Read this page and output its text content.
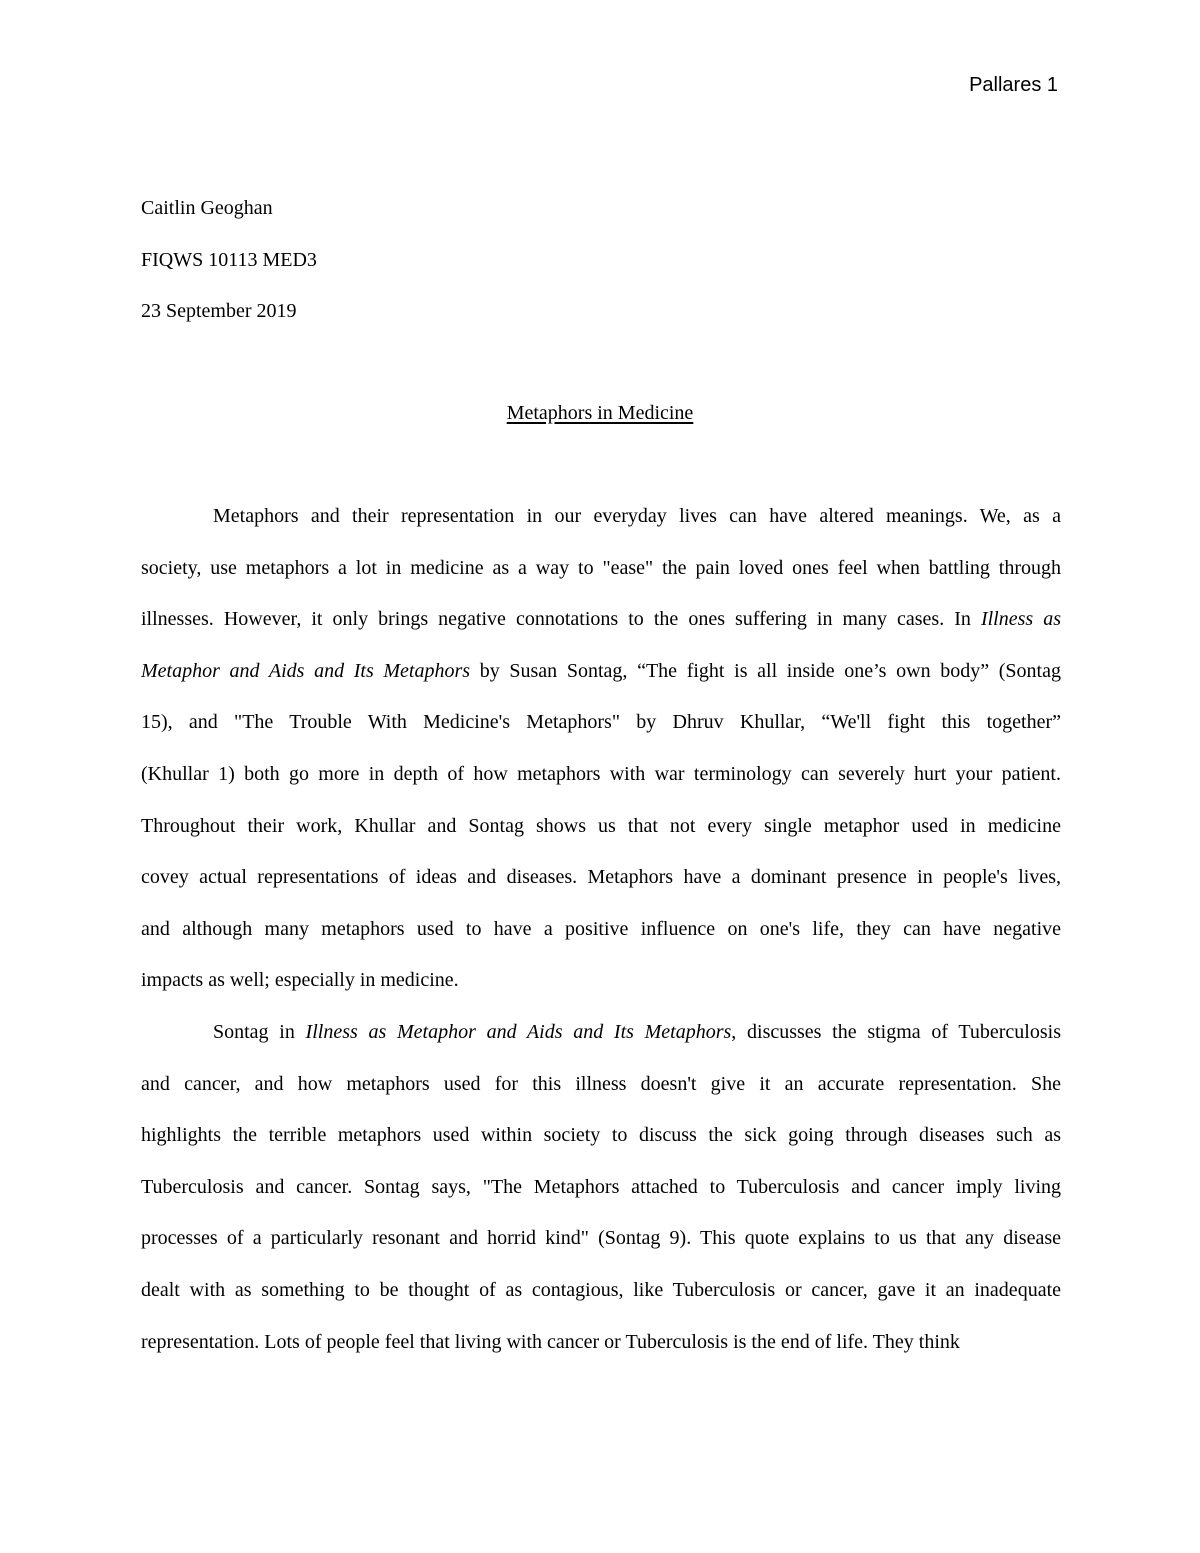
Pallares 1
Caitlin Geoghan
FIQWS 10113 MED3
23 September 2019
Metaphors in Medicine
Metaphors and their representation in our everyday lives can have altered meanings. We, as a
society, use metaphors a lot in medicine as a way to "ease" the pain loved ones feel when battling through
illnesses. However, it only brings negative connotations to the ones suffering in many cases. In Illness as
Metaphor and Aids and Its Metaphors by Susan Sontag, “The fight is all inside one’s own body” (Sontag
15), and "The Trouble With Medicine's Metaphors" by Dhruv Khullar, “We'll fight this together”
(Khullar 1) both go more in depth of how metaphors with war terminology can severely hurt your patient.
Throughout their work, Khullar and Sontag shows us that not every single metaphor used in medicine
covey actual representations of ideas and diseases. Metaphors have a dominant presence in people's lives,
and although many metaphors used to have a positive influence on one's life, they can have negative
impacts as well; especially in medicine.
Sontag in Illness as Metaphor and Aids and Its Metaphors, discusses the stigma of Tuberculosis
and cancer, and how metaphors used for this illness doesn't give it an accurate representation. She
highlights the terrible metaphors used within society to discuss the sick going through diseases such as
Tuberculosis and cancer. Sontag says, "The Metaphors attached to Tuberculosis and cancer imply living
processes of a particularly resonant and horrid kind" (Sontag 9). This quote explains to us that any disease
dealt with as something to be thought of as contagious, like Tuberculosis or cancer, gave it an inadequate
representation. Lots of people feel that living with cancer or Tuberculosis is the end of life. They think
